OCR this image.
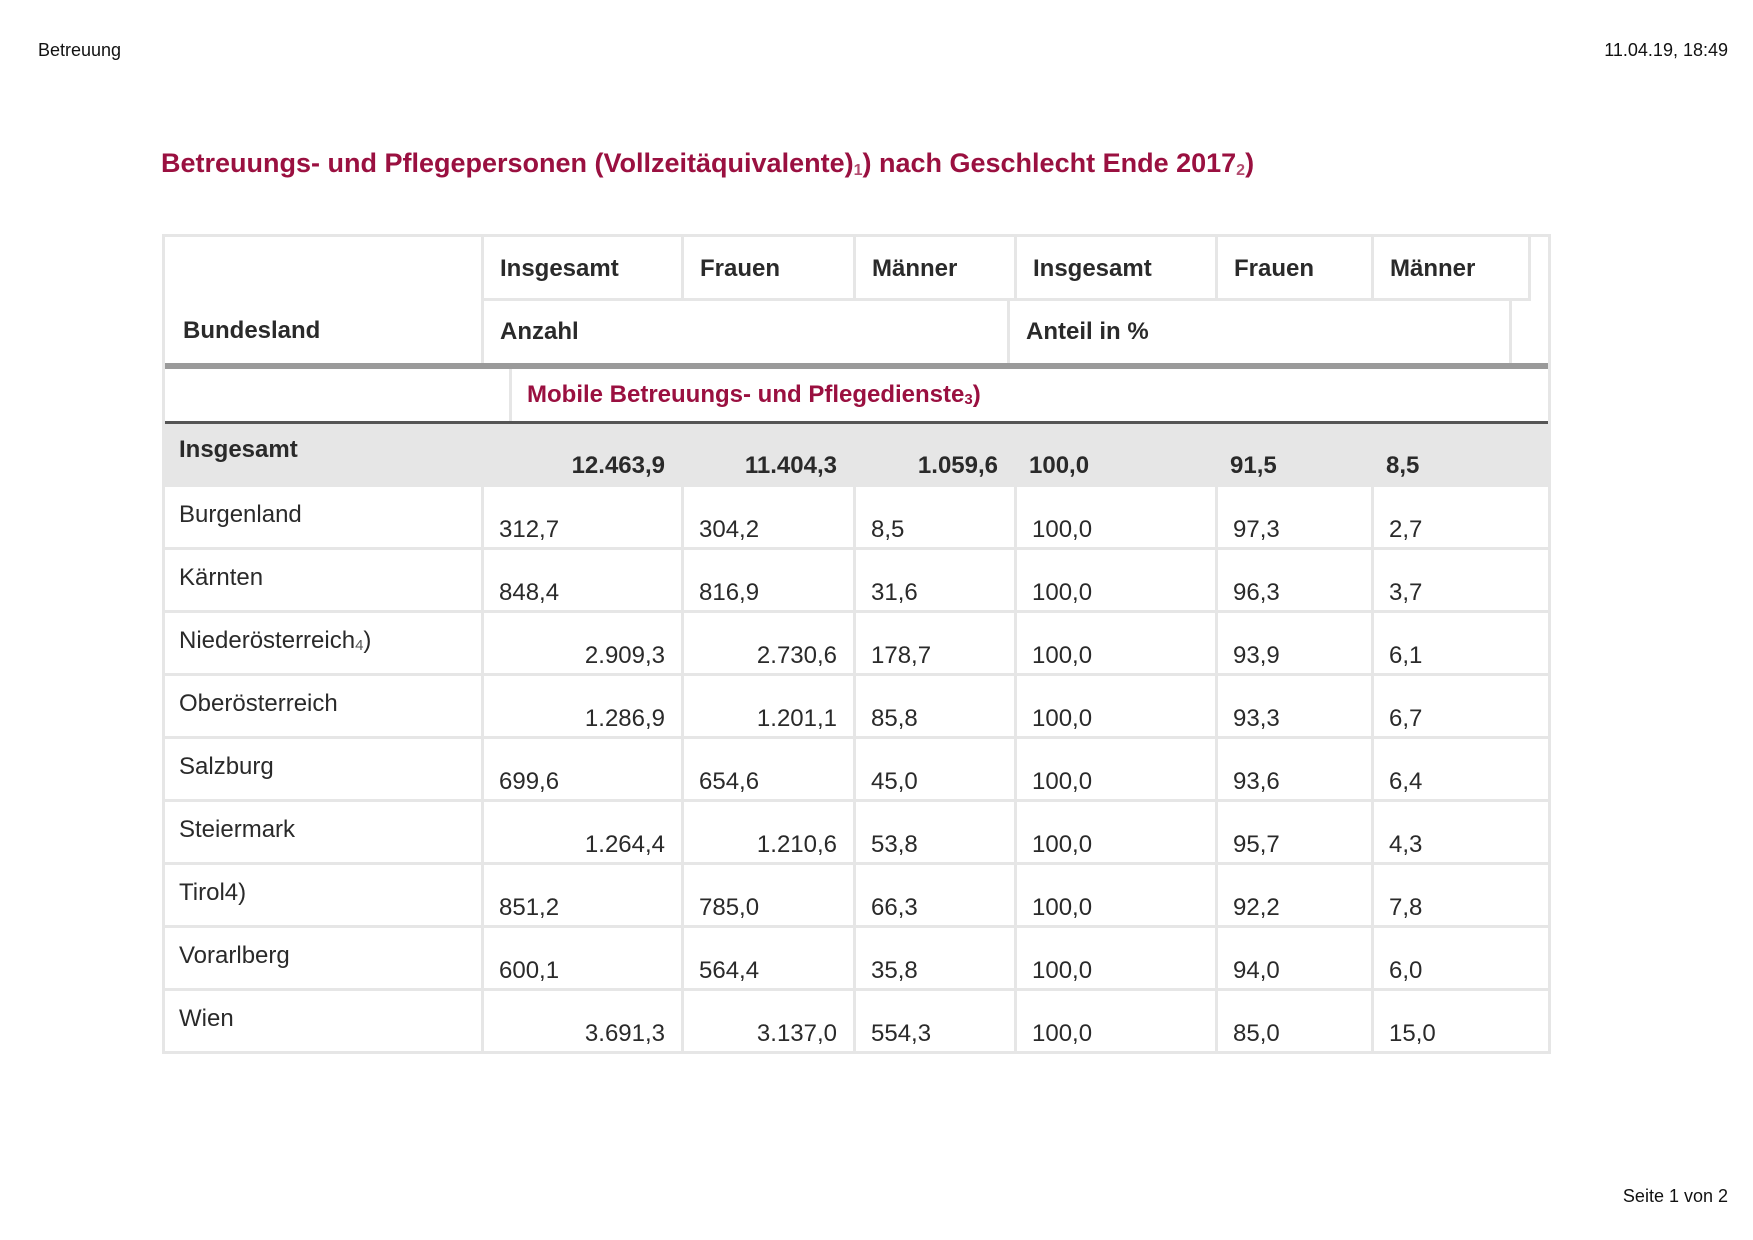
Betreuung	11.04.19, 18:49
Betreuungs- und Pflegepersonen (Vollzeitäquivalente)1) nach Geschlecht Ende 20172)
Bundesland
Insgesamt	Frauen	Männer	Insgesamt	Frauen	Männer
Anzahl	Anteil in %
Mobile Betreuungs- und Pflegedienste3)
Insgesamt
12.463,9	11.404,3	1.059,6	100,0	91,5	8,5
Burgenland
312,7	304,2	8,5	100,0	97,3	2,7
Kärnten
848,4	816,9	31,6	100,0	96,3	3,7
Niederösterreich4)
2.909,3	2.730,6	178,7	100,0	93,9	6,1
Oberösterreich
1.286,9	1.201,1	85,8	100,0	93,3	6,7
Salzburg
699,6	654,6	45,0	100,0	93,6	6,4
Steiermark
1.264,4	1.210,6	53,8	100,0	95,7	4,3
Tirol4)
851,2	785,0	66,3	100,0	92,2	7,8
Vorarlberg
600,1	564,4	35,8	100,0	94,0	6,0
Wien
3.691,3	3.137,0	554,3	100,0	85,0	15,0
Seite 1 von 2
